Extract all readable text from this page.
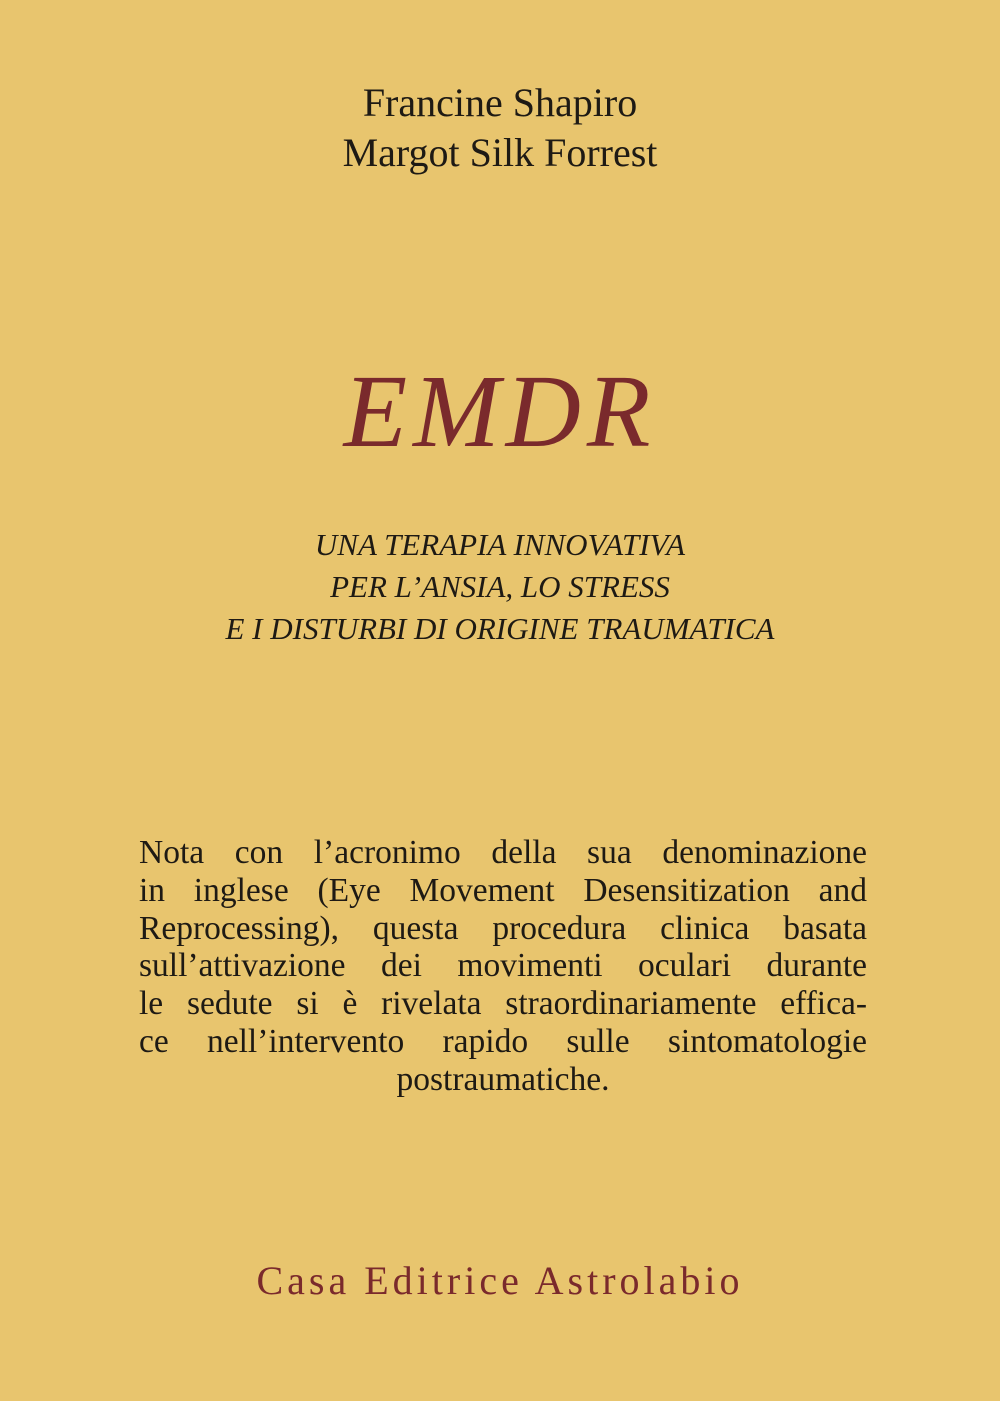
Francine Shapiro
Margot Silk Forrest
EMDR
UNA TERAPIA INNOVATIVA
PER L’ANSIA, LO STRESS
E I DISTURBI DI ORIGINE TRAUMATICA
Nota con l’acronimo della sua denominazione
in inglese (Eye Movement Desensitization and
Reprocessing), questa procedura clinica basata
sull’attivazione dei movimenti oculari durante
le sedute si è rivelata straordinariamente effica-
ce nell’intervento rapido sulle sintomatologie
postraumatiche.
Casa Editrice Astrolabio
